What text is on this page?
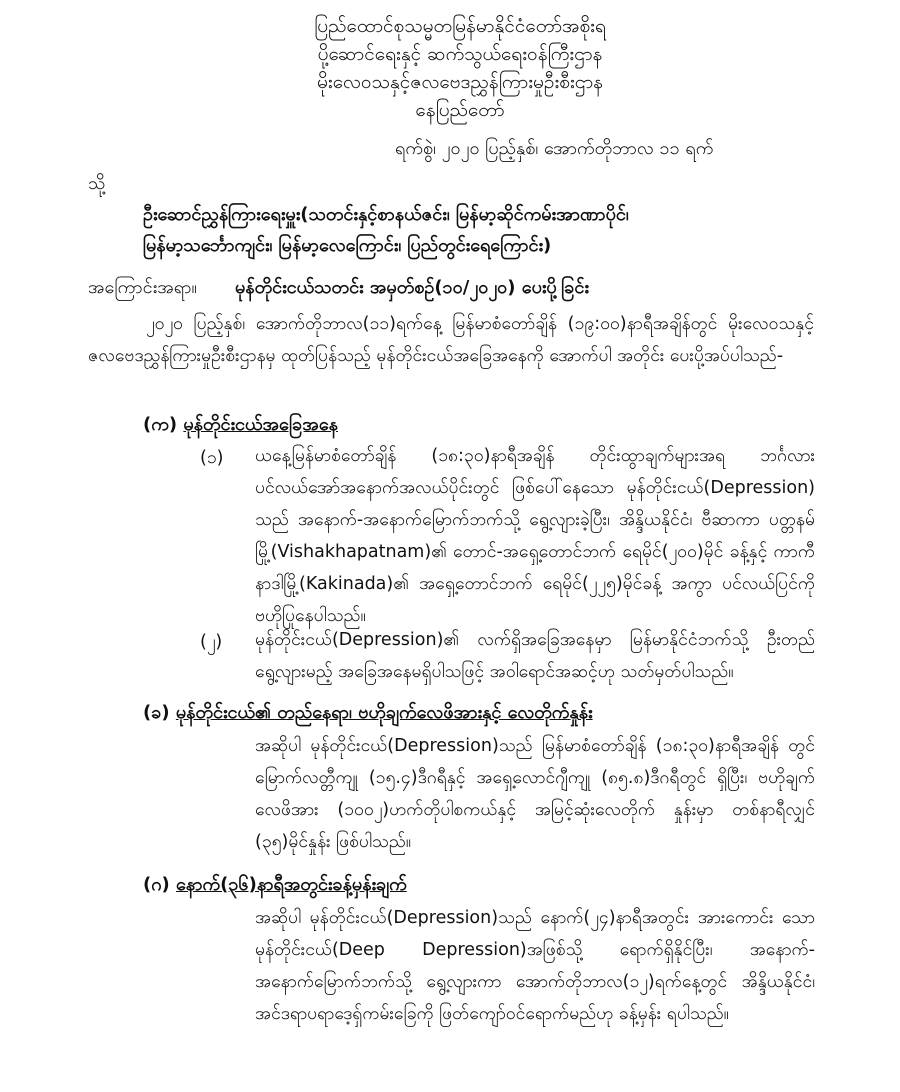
ပြည်ထောင်စုသမ္မတမြန်မာနိုင်ငံတော်အစိုးရ
ပို့ဆောင်ရေးနှင့် ဆက်သွယ်ရေးဝန်ကြီးဌာန
မိုးလေဝသနှင့်ဇလဗေဒညွှန်ကြားမှုဦးစီးဌာန
နေပြည်တော်
ရက်စွဲ၊ ၂၀၂၀ ပြည့်နှစ်၊ အောက်တိုဘာလ ၁၁ ရက်
သို့
ဦးဆောင်ညွှန်ကြားရေးမှူး(သတင်းနှင့်စာနယ်ဇင်း၊ မြန်မာ့ဆိုင်ကမ်းအာဏာပိုင်၊
မြန်မာ့သင်္ဘောကျင်း၊ မြန်မာ့လေကြောင်း၊ ပြည်တွင်းရေကြောင်း)
အကြောင်းအရာ။ မုန်တိုင်းငယ်သတင်း အမှတ်စဉ်(၁၀/၂၀၂၀) ပေးပို့ခြင်း
၂၀၂၀ ပြည့်နှစ်၊ အောက်တိုဘာလ(၁၁)ရက်နေ့ မြန်မာစံတော်ချိန် (၁၉:၀၀)နာရီအချိန်တွင် မိုးလေဝသနှင့် ဇလဗေဒညွှန်ကြားမှုဦးစီးဌာနမှ ထုတ်ပြန်သည့် မုန်တိုင်းငယ်အခြေအနေကို အောက်ပါ အတိုင်း ပေးပို့အပ်ပါသည်-
(က) မုန်တိုင်းငယ်အခြေအနေ
(၁) ယနေ့မြန်မာစံတော်ချိန် (၁၈:၃၀)နာရီအချိန် တိုင်းထွာချက်များအရ ဘင်္ဂလား ပင်လယ်အော်အနောက်အလယ်ပိုင်းတွင် ဖြစ်ပေါ်နေသော မုန်တိုင်းငယ်(Depression) သည် အနောက်-အနောက်မြောက်ဘက်သို့ ရွေ့လျားခဲ့ပြီး၊ အိန္ဒိယနိုင်ငံ၊ ဗီဆာကာ ပတ္တနမ်မြို့(Vishakhapatnam)၏ တောင်-အရှေ့တောင်ဘက် ရေမိုင်(၂၀၀)မိုင် ခန့်နှင့် ကာကီနာဒါမြို့(Kakinada)၏ အရှေ့တောင်ဘက် ရေမိုင်(၂၂၅)မိုင်ခန့် အကွာ ပင်လယ်ပြင်ကို ဗဟိုပြုနေပါသည်။
(၂) မုန်တိုင်းငယ်(Depression)၏ လက်ရှိအခြေအနေမှာ မြန်မာနိုင်ငံဘက်သို့ ဦးတည် ရွေ့လျားမည့် အခြေအနေမရှိပါသဖြင့် အဝါရောင်အဆင့်ဟု သတ်မှတ်ပါသည်။
(ခ) မုန်တိုင်းငယ်၏ တည်နေရာ၊ ဗဟိုချက်လေဖိအားနှင့် လေတိုက်နှုန်း
အဆိုပါ မုန်တိုင်းငယ်(Depression)သည် မြန်မာစံတော်ချိန် (၁၈:၃၀)နာရီအချိန် တွင် မြောက်လတ္တီကျု (၁၅.၄)ဒီဂရီနှင့် အရှေ့လောင်ဂျီကျု (၈၅.၈)ဒီဂရီတွင် ရှိပြီး၊ ဗဟိုချက်လေဖိအား (၁၀၀၂)ဟက်တိုပါစကယ်နှင့် အမြင့်ဆုံးလေတိုက် နှုန်းမှာ တစ်နာရီလျှင် (၃၅)မိုင်နှုန်း ဖြစ်ပါသည်။
(ဂ) နောက်(၃၆)နာရီအတွင်းခန့်မှန်းချက်
အဆိုပါ မုန်တိုင်းငယ်(Depression)သည် နောက်(၂၄)နာရီအတွင်း အားကောင်း သော မုန်တိုင်းငယ်(Deep Depression)အဖြစ်သို့ ရောက်ရှိနိုင်ပြီး၊ အနောက်- အနောက်မြောက်ဘက်သို့ ရွေ့လျားကာ အောက်တိုဘာလ(၁၂)ရက်နေ့တွင် အိန္ဒိယနိုင်ငံ၊ အင်ဒရာပရာဒေ့ရှ်ကမ်းခြေကို ဖြတ်ကျော်ဝင်ရောက်မည်ဟု ခန့်မှန်း ရပါသည်။
